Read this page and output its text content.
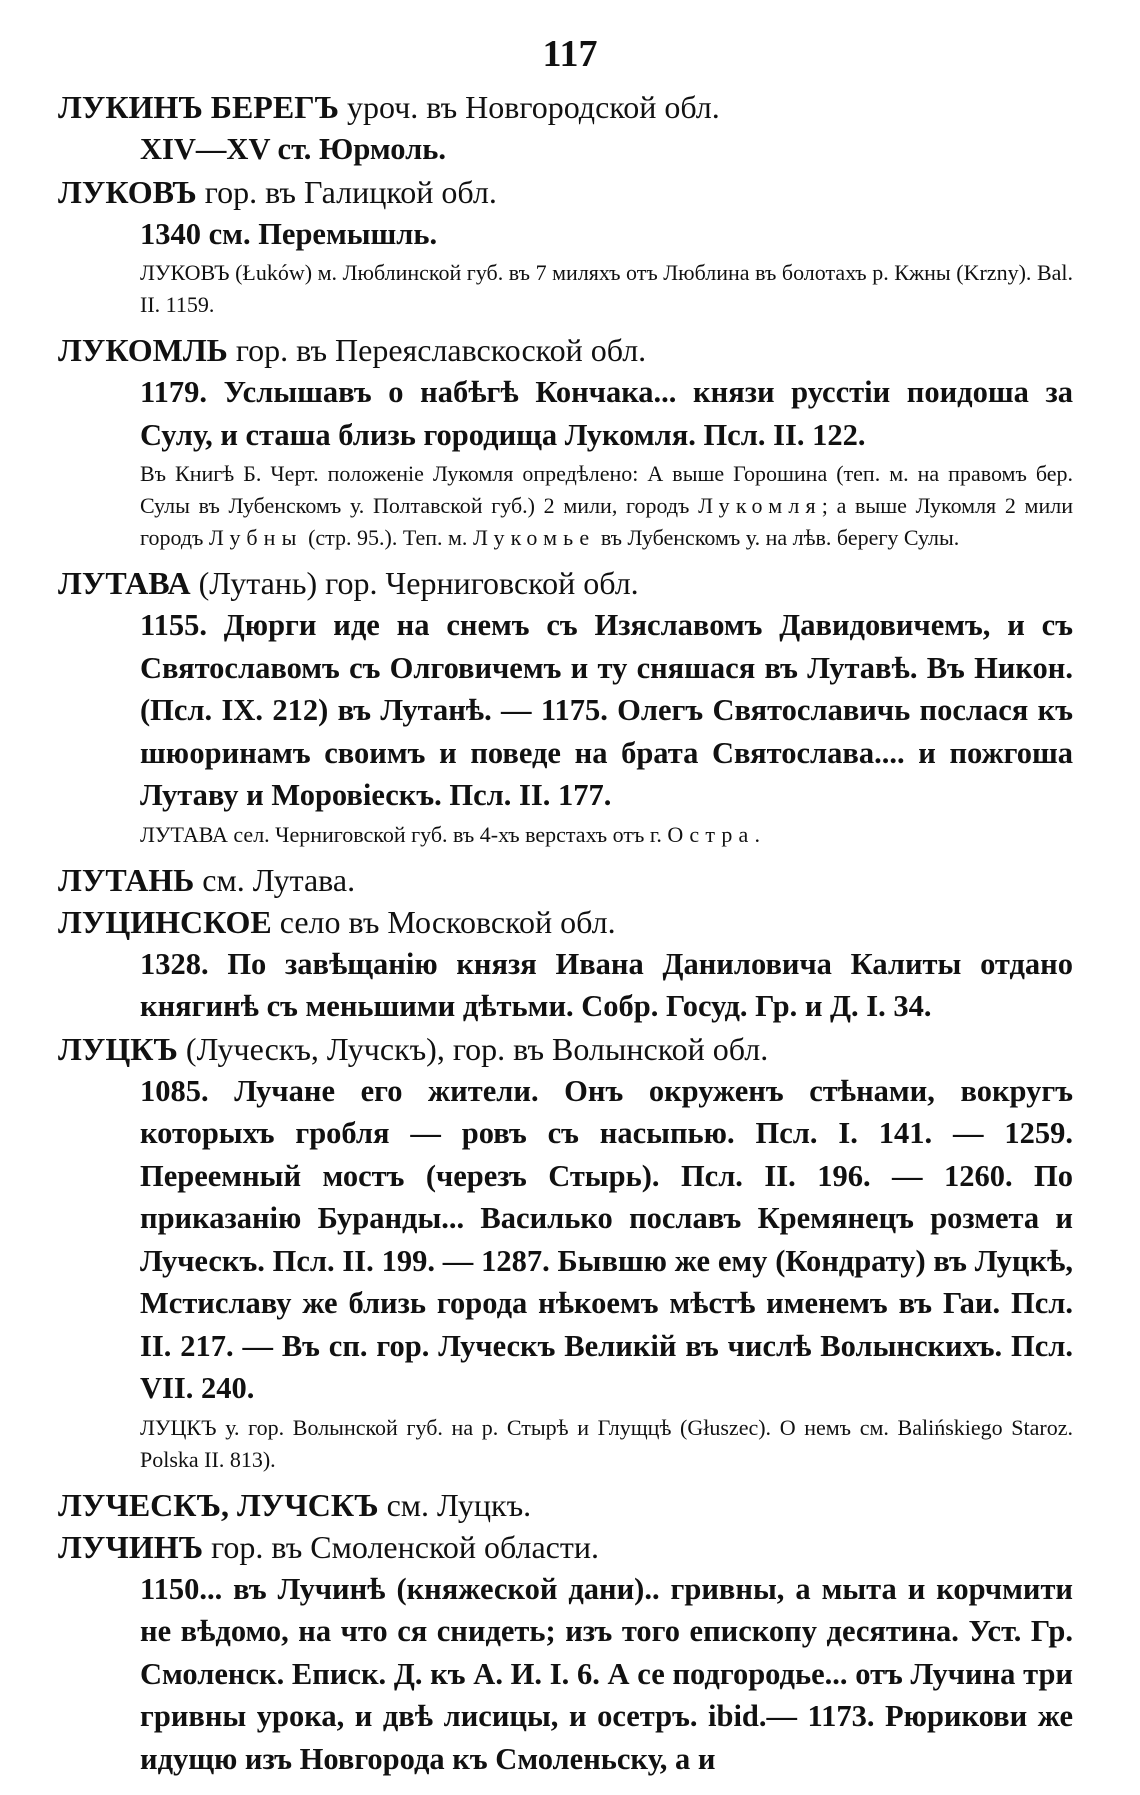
117

ЛУКИНЪ БЕРЕГЪ уроч. въ Новгородской обл.

XIV—XV ст. Юрмоль.

ЛУКОВЪ гор. въ Галицкой обл.

1340 см. Перемышль.

ЛУКОВЪ (Łuków) м. Люблинской губ. въ 7 миляхъ отъ Люблина въ болотахъ р. Кжны (Krzny). Bal. II. 1159.

ЛУКОМЛЬ гор. въ Переяславскоской обл.

1179. Услышавъ о набѣгѣ Кончака... князи русстіи поидоша за Сулу, и сташа близь городища Лукомля. Псл. II. 122.

Въ Книгѣ Б. Черт. положеніе Лукомля опредѣлено: А выше Горошина (теп. м. на правомъ бер. Сулы въ Лубенскомъ у. Полтавской губ.) 2 мили, городъ Лукомля; а выше Лукомля 2 мили городъ Лубны (стр. 95.). Теп. м. Лукомье въ Лубенскомъ у. на лѣв. берегу Сулы.

ЛУТАВА (Лутань) гор. Черниговской обл.

1155. Дюрги иде на снемъ съ Изяславомъ Давидовичемъ, и съ Святославомъ съ Олговичемъ и ту сняшася въ Лутавѣ. Въ Никон. (Псл. IX. 212) въ Лутанѣ. — 1175. Олегъ Святославичь послася къ шюоринамъ своимъ и поведе на брата Святослава.... и пожгоша Лутаву и Моровіескъ. Псл. II. 177.

ЛУТАВА сел. Черниговской губ. въ 4-хъ верстахъ отъ г. Остра.

ЛУТАНЬ см. Лутава.

ЛУЦИНСКОЕ село въ Московской обл.

1328. По завѣщанію князя Ивана Даниловича Калиты отдано княгинѣ съ меньшими дѣтьми. Собр. Госуд. Гр. и Д. I. 34.

ЛУЦКЪ (Луческъ, Лучскъ), гор. въ Волынской обл.

1085. Лучане его жители. Онъ окруженъ стѣнами, вокругъ которыхъ гробля — ровъ съ насыпью. Псл. I. 141. — 1259. Переемный мостъ (черезъ Стырь). Псл. II. 196. — 1260. По приказанію Буранды... Василько пославъ Кремянецъ розмета и Луческъ. Псл. II. 199. — 1287. Бывшю же ему (Кондрату) въ Луцкѣ, Мстиславу же близь города нѣкоемъ мѣстѣ именемъ въ Гаи. Псл. II. 217. — Въ сп. гор. Луческъ Великій въ числѣ Волынскихъ. Псл. VII. 240.

ЛУЦКЪ у. гор. Волынской губ. на р. Стырѣ и Глущцѣ (Głuszec). О немъ см. Balińskiego Staroz. Polska II. 813).

ЛУЧЕСКЪ, ЛУЧСКЪ см. Луцкъ.

ЛУЧИНЪ гор. въ Смоленской области.

1150... въ Лучинѣ (княжеской дани).. гривны, а мыта и корчмити не вѣдомо, на что ся снидеть; изъ того епископу десятина. Уст. Гр. Смоленск. Еписк. Д. къ А. И. I. 6. А се подгородье... отъ Лучина три гривны урока, и двѣ лисицы, и осетръ. ibid.— 1173. Рюрикови же идущю изъ Новгорода къ Смоленьску, а и
